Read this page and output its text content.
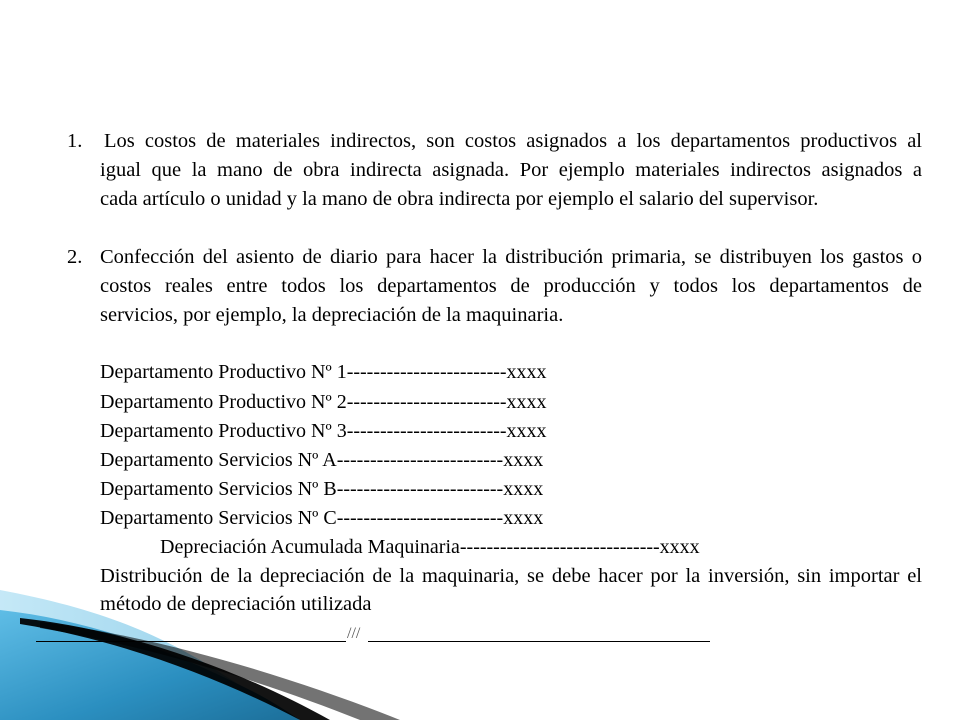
1. Los costos de materiales indirectos, son costos asignados a los departamentos productivos al
igual que la mano de obra indirecta asignada. Por ejemplo materiales indirectos asignados a
cada artículo o unidad y la mano de obra indirecta por ejemplo el salario del supervisor.
2. Confección del asiento de diario para hacer la distribución primaria, se distribuyen los gastos o
costos reales entre todos los departamentos de producción y todos los departamentos de
servicios, por ejemplo, la depreciación de la maquinaria.
Departamento Productivo Nº 1------------------------xxxx
Departamento Productivo Nº 2------------------------xxxx
Departamento Productivo Nº 3------------------------xxxx
Departamento Servicios Nº A-------------------------xxxx
Departamento Servicios Nº B-------------------------xxxx
Departamento Servicios Nº C-------------------------xxxx
Depreciación Acumulada Maquinaria------------------------------xxxx
Distribución de la depreciación de la maquinaria, se debe hacer por la inversión, sin importar el
método de depreciación utilizada
///
